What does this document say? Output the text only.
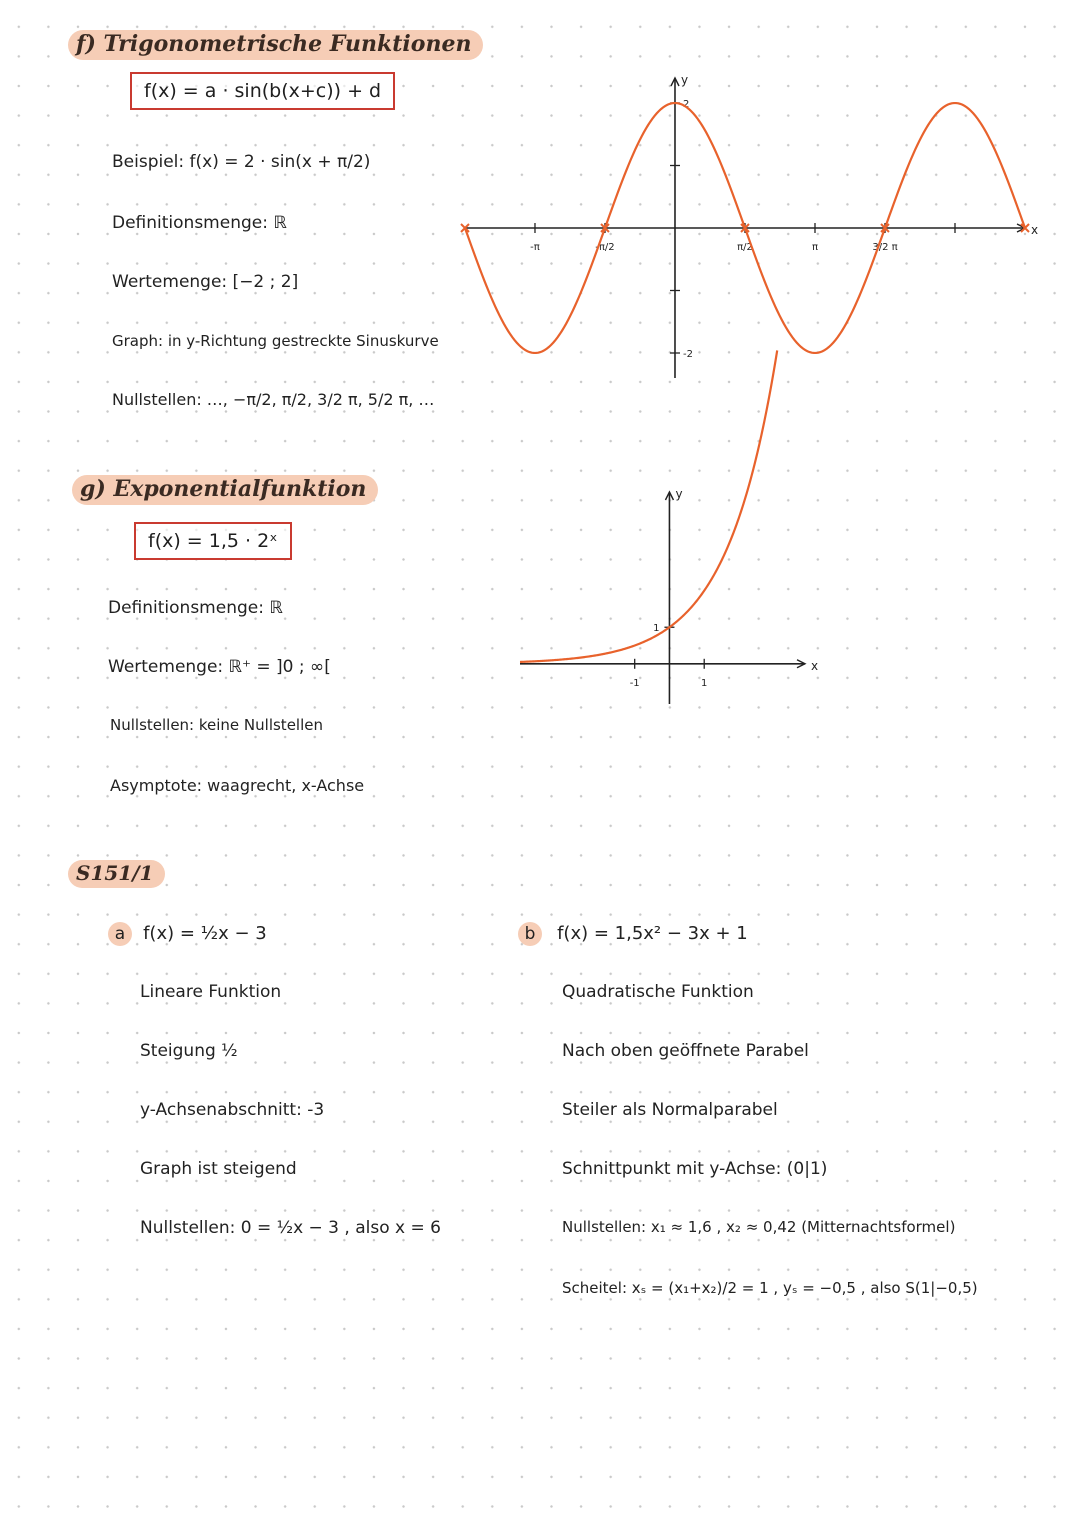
f) Trigonometrische Funktionen
f(x) = a · sin(b(x+c)) + d
Beispiel: f(x) = 2 · sin(x + π/2)
Definitionsmenge: ℝ
Wertemenge: [−2 ; 2]
Graph: in y-Richtung gestreckte Sinuskurve
Nullstellen: …, −π/2, π/2, 3/2 π, 5/2 π, …
x
y
-π	-π/2	π/2	π	3/2 π
2
-2
g) Exponentialfunktion
f(x) = 1,5 · 2ˣ
Definitionsmenge: ℝ
Wertemenge: ℝ⁺ = ]0 ; ∞[
Nullstellen: keine Nullstellen
Asymptote: waagrecht, x-Achse
x
y
-1	1
1
S151/1
a f(x) = ½x − 3
Lineare Funktion
Steigung ½
y-Achsenabschnitt: -3
Graph ist steigend
Nullstellen: 0 = ½x − 3 , also x = 6
b f(x) = 1,5x² − 3x + 1
Quadratische Funktion
Nach oben geöffnete Parabel
Steiler als Normalparabel
Schnittpunkt mit y-Achse: (0|1)
Nullstellen: x₁ ≈ 1,6 , x₂ ≈ 0,42 (Mitternachtsformel)
Scheitel: xₛ = (x₁+x₂)/2 = 1 , yₛ = −0,5 , also S(1|−0,5)
